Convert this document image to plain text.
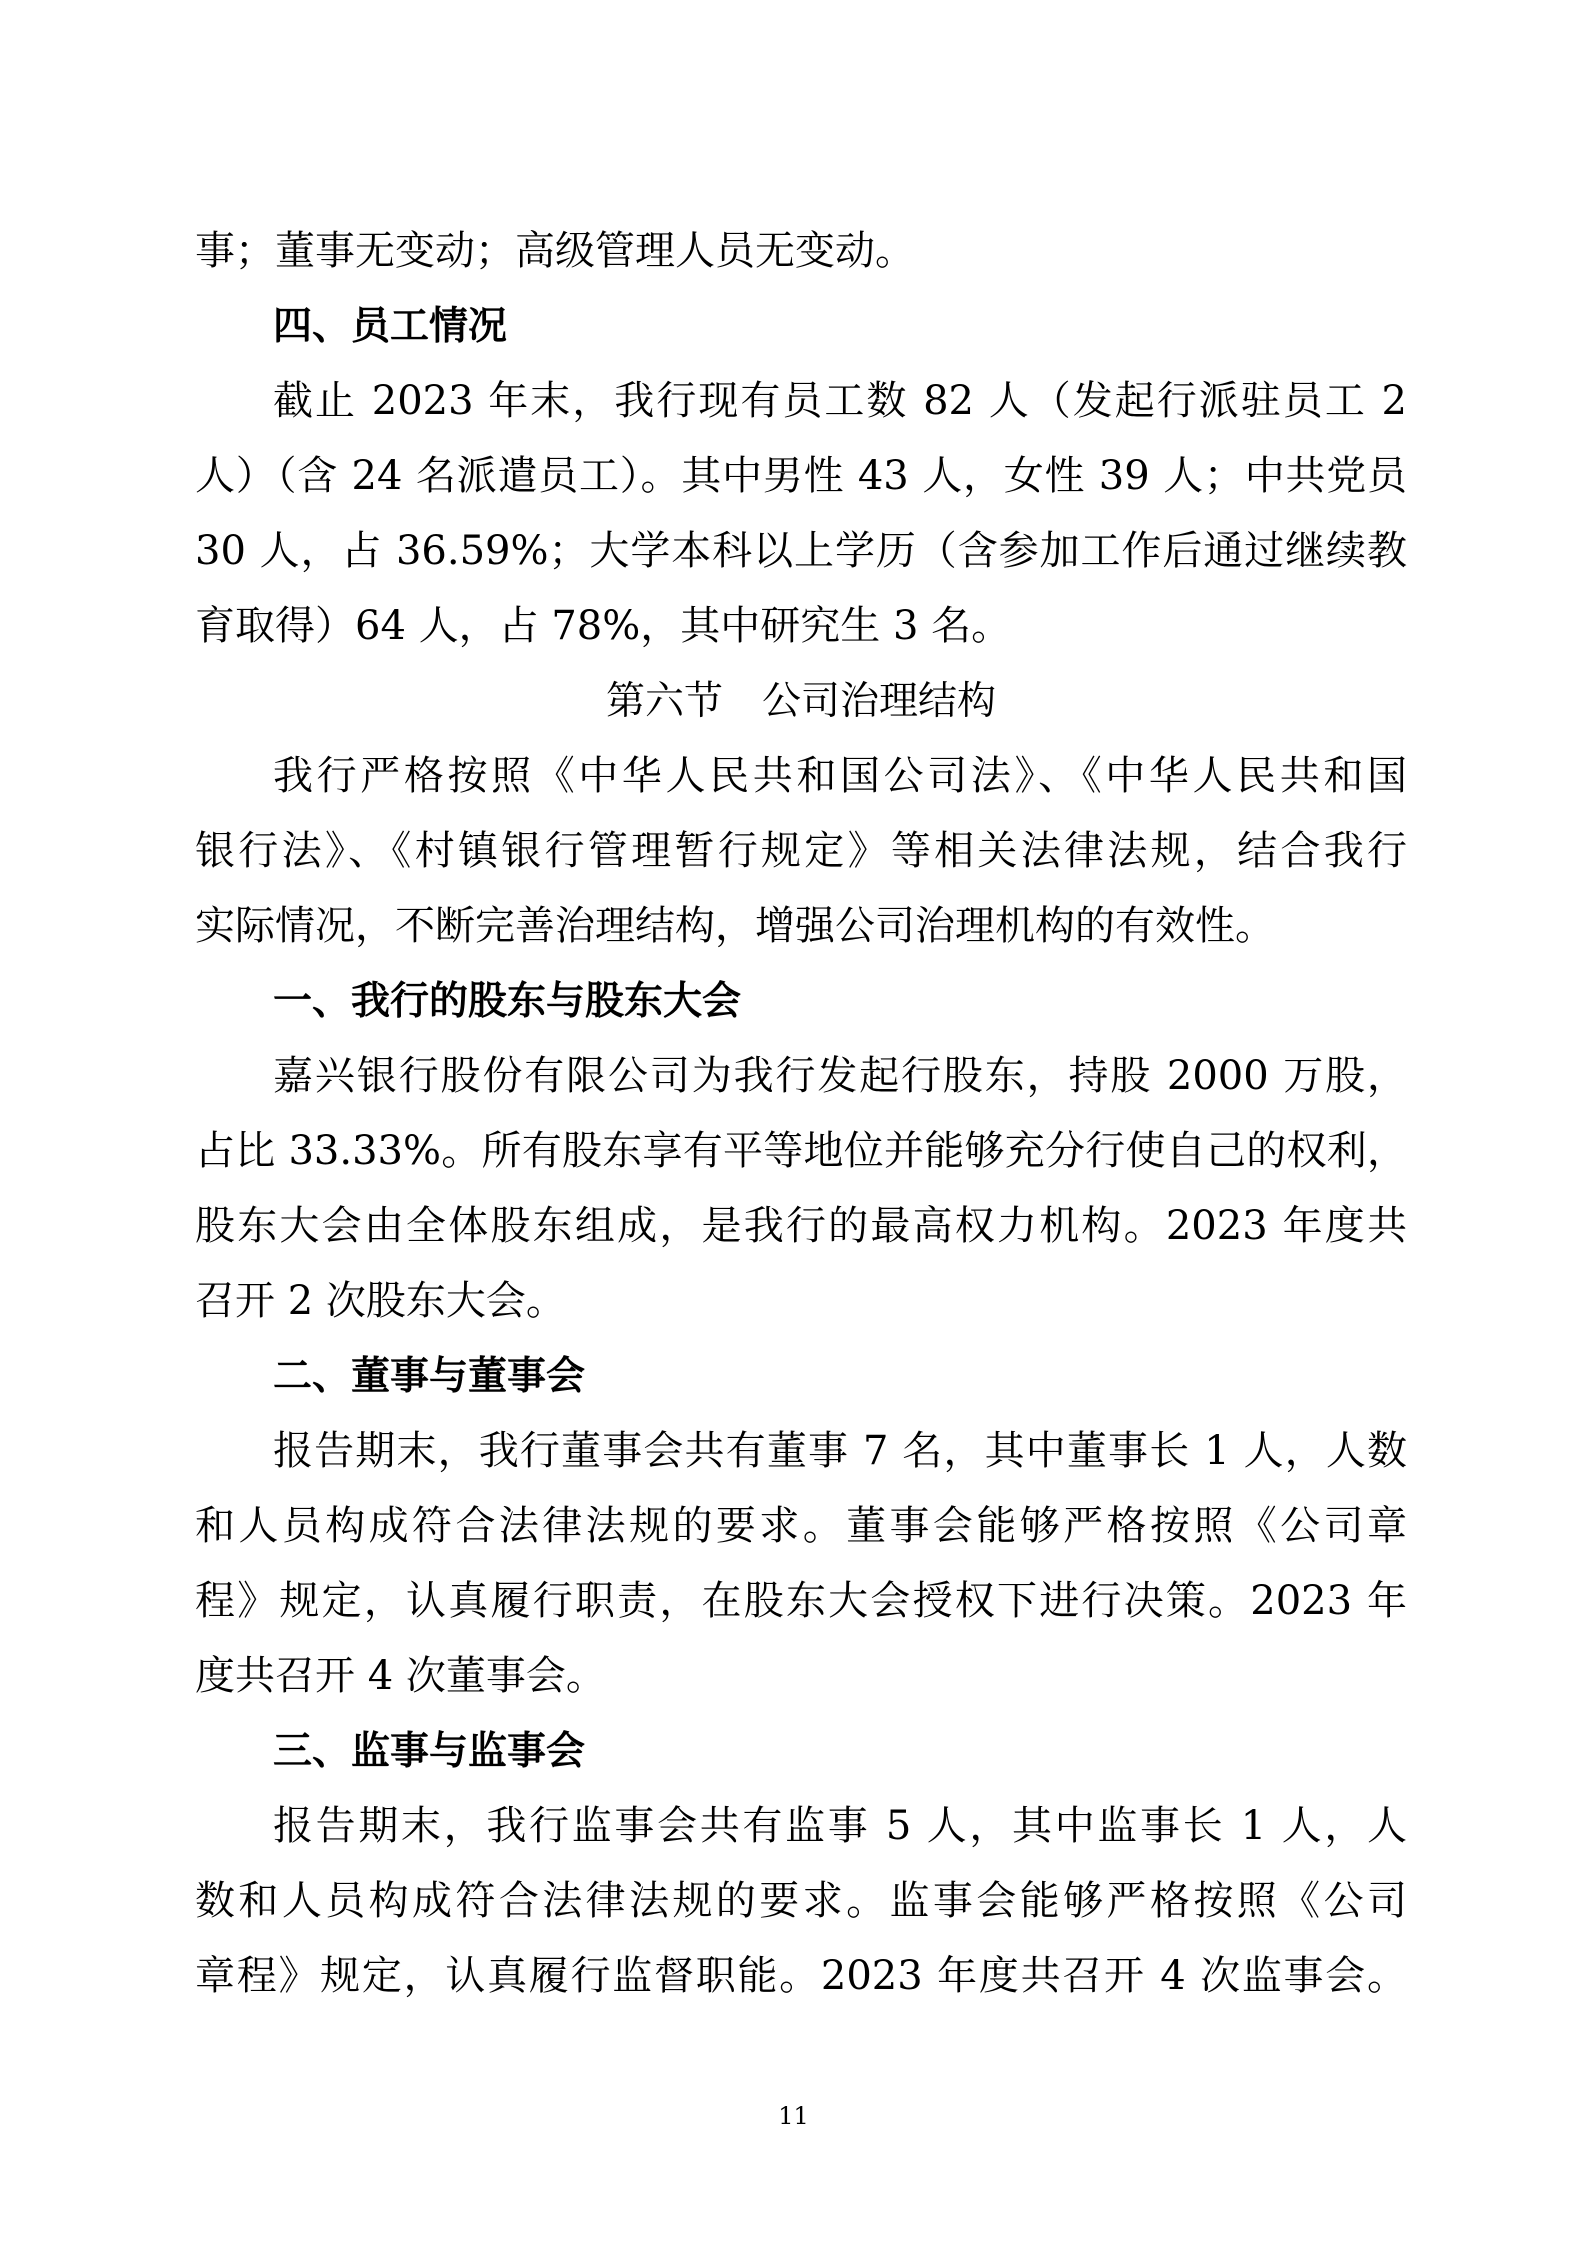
事；董事无变动；高级管理人员无变动。
四、员工情况
截止 2023 年末，我行现有员工数 82 人（发起行派驻员工 2
人）（含 24 名派遣员工）。其中男性 43 人，女性 39 人；中共党员
30 人，占 36.59%；大学本科以上学历（含参加工作后通过继续教
育取得）64 人，占 78%，其中研究生 3 名。
第六节　公司治理结构
我行严格按照《中华人民共和国公司法》、《中华人民共和国
银行法》、《村镇银行管理暂行规定》等相关法律法规，结合我行
实际情况，不断完善治理结构，增强公司治理机构的有效性。
一、我行的股东与股东大会
嘉兴银行股份有限公司为我行发起行股东，持股 2000 万股，
占比 33.33%。所有股东享有平等地位并能够充分行使自己的权利，
股东大会由全体股东组成，是我行的最高权力机构。2023 年度共
召开 2 次股东大会。
二、董事与董事会
报告期末，我行董事会共有董事 7 名，其中董事长 1 人，人数
和人员构成符合法律法规的要求。董事会能够严格按照《公司章
程》规定，认真履行职责，在股东大会授权下进行决策。2023 年
度共召开 4 次董事会。
三、监事与监事会
报告期末，我行监事会共有监事 5 人，其中监事长 1 人，人
数和人员构成符合法律法规的要求。监事会能够严格按照《公司
章程》规定，认真履行监督职能。2023 年度共召开 4 次监事会。
11
